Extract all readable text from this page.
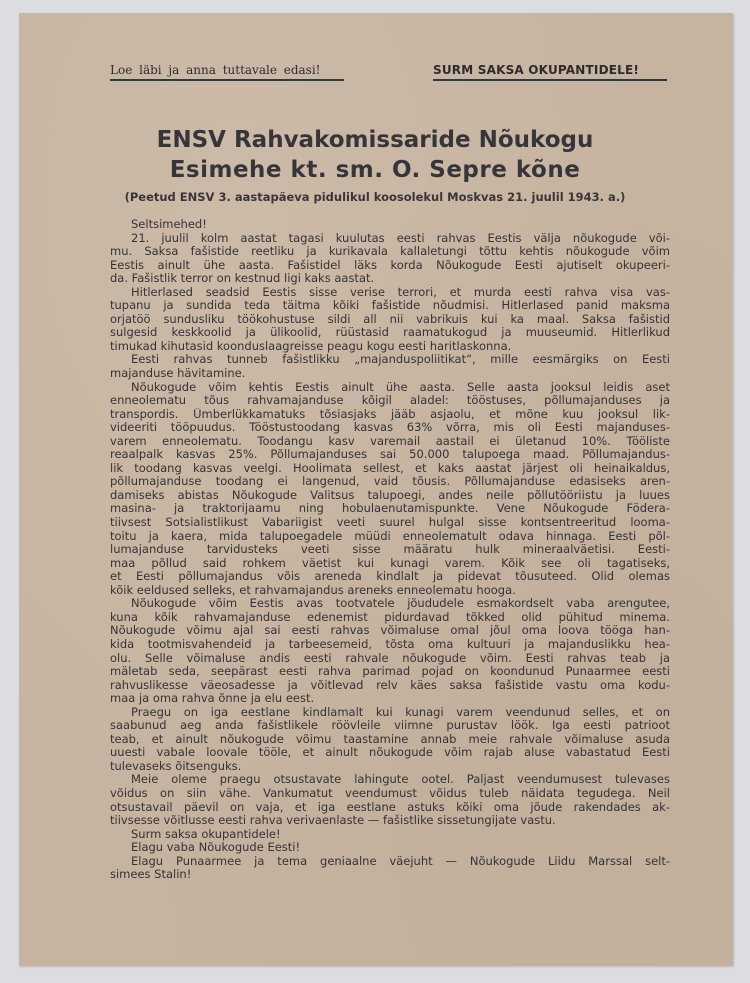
Loe läbi ja anna tuttavale edasi!	SURM SAKSA OKUPANTIDELE!
ENSV Rahvakomissaride Nõukogu
Esimehe kt. sm. O. Sepre kõne
(Peetud ENSV 3. aastapäeva pidulikul koosolekul Moskvas 21. juulil 1943. a.)
Seltsimehed!
21. juulil kolm aastat tagasi kuulutas eesti rahvas Eestis välja nõukogude või-
mu. Saksa fašistide reetliku ja kurikavala kallaletungi tõttu kehtis nõukogude võim
Eestis ainult ühe aasta. Fašistidel läks korda Nõukogude Eesti ajutiselt okupeeri-
da. Fašistlik terror on kestnud ligi kaks aastat.
Hitlerlased seadsid Eestis sisse verise terrori, et murda eesti rahva visa vas-
tupanu ja sundida teda täitma kõiki fašistide nõudmisi. Hitlerlased panid maksma
orjatöö sundusliku töökohustuse sildi all nii vabrikuis kui ka maal. Saksa fašistid
sulgesid keskkoolid ja ülikoolid, rüüstasid raamatukogud ja muuseumid. Hitlerlikud
timukad kihutasid koonduslaagreisse peagu kogu eesti haritlaskonna.
Eesti rahvas tunneb fašistlikku „majanduspoliitikat“, mille eesmärgiks on Eesti
majanduse hävitamine.
Nõukogude võim kehtis Eestis ainult ühe aasta. Selle aasta jooksul leidis aset
enneolematu tõus rahvamajanduse kõigil aladel: tööstuses, põllumajanduses ja
transpordis. Ümberlükkamatuks tõsiasjaks jääb asjaolu, et mõne kuu jooksul lik-
videeriti tööpuudus. Tööstustoodang kasvas 63% võrra, mis oli Eesti majanduses-
varem enneolematu. Toodangu kasv varemail aastail ei ületanud 10%. Tööliste
reaalpalk kasvas 25%. Põllumajanduses sai 50.000 talupoega maad. Põllumajandus-
lik toodang kasvas veelgi. Hoolimata sellest, et kaks aastat järjest oli heinaikaldus,
põllumajanduse toodang ei langenud, vaid tõusis. Põllumajanduse edasiseks aren-
damiseks abistas Nõukogude Valitsus talupoegi, andes neile põllutööriistu ja luues
masina- ja traktorijaamu ning hobulaenutamispunkte. Vene Nõukogude Födera-
tiivsest Sotsialistlikust Vabariigist veeti suurel hulgal sisse kontsentreeritud looma-
toitu ja kaera, mida talupoegadele müüdi enneolematult odava hinnaga. Eesti põl-
lumajanduse tarvidusteks veeti sisse määratu hulk mineraalväetisi. Eesti-
maa põllud said rohkem väetist kui kunagi varem. Kõik see oli tagatiseks,
et Eesti põllumajandus võis areneda kindlalt ja pidevat tõusuteed. Olid olemas
kõik eeldused selleks, et rahvamajandus areneks enneolematu hooga.
Nõukogude võim Eestis avas tootvatele jõududele esmakordselt vaba arengutee,
kuna kõik rahvamajanduse edenemist pidurdavad tõkked olid pühitud minema.
Nõukogude võimu ajal sai eesti rahvas võimaluse omal jõul oma loova tööga han-
kida tootmisvahendeid ja tarbeesemeid, tõsta oma kultuuri ja majanduslikku hea-
olu. Selle võimaluse andis eesti rahvale nõukogude võim. Eesti rahvas teab ja
mäletab seda, seepärast eesti rahva parimad pojad on koondunud Punaarmee eesti
rahvuslikesse väeosadesse ja võitlevad relv käes saksa fašistide vastu oma kodu-
maa ja oma rahva õnne ja elu eest.
Praegu on iga eestlane kindlamalt kui kunagi varem veendunud selles, et on
saabunud aeg anda fašistlikele röövleile viimne purustav löök. Iga eesti patrioot
teab, et ainult nõukogude võimu taastamine annab meie rahvale võimaluse asuda
uuesti vabale loovale tööle, et ainult nõukogude võim rajab aluse vabastatud Eesti
tulevaseks õitsenguks.
Meie oleme praegu otsustavate lahingute ootel. Paljast veendumusest tulevases
võidus on siin vähe. Vankumatut veendumust võidus tuleb näidata tegudega. Neil
otsustavail päevil on vaja, et iga eestlane astuks kõiki oma jõude rakendades ak-
tiivsesse võitlusse eesti rahva verivaenlaste — fašistlike sissetungijate vastu.
Surm saksa okupantidele!
Elagu vaba Nõukogude Eesti!
Elagu Punaarmee ja tema geniaalne väejuht — Nõukogude Liidu Marssal selt-
simees Stalin!
